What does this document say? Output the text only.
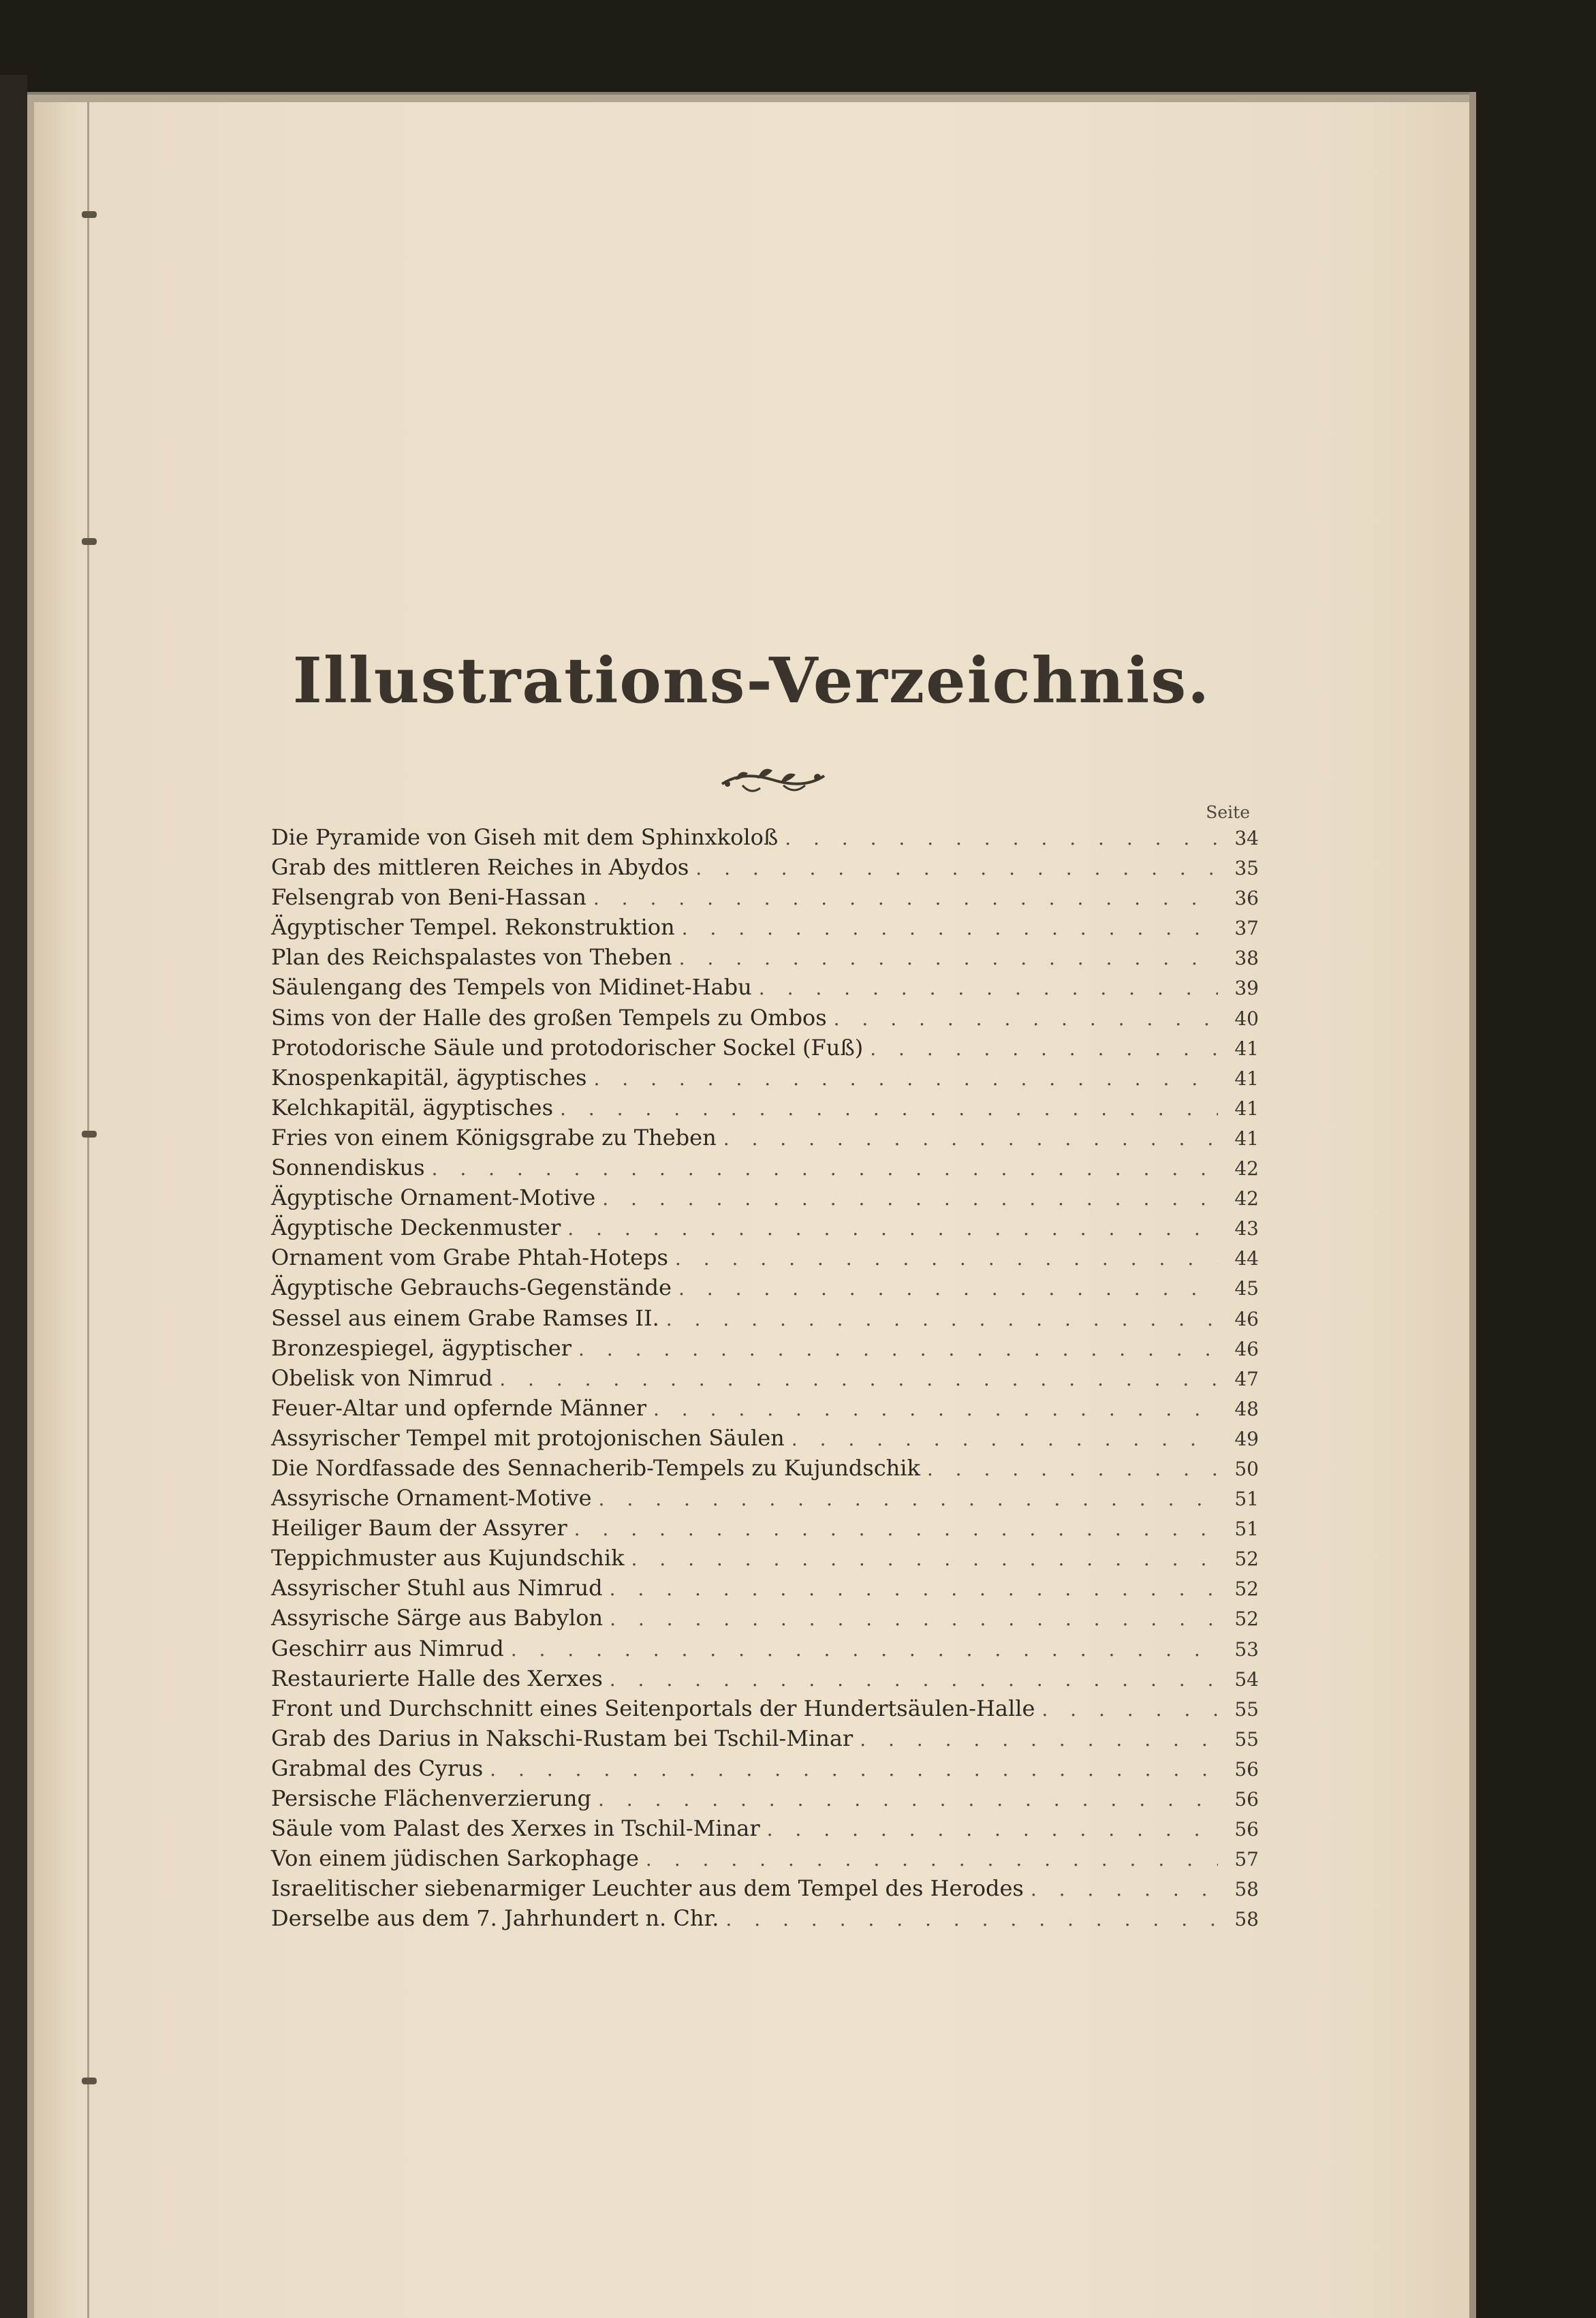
Illustrations-Verzeichnis.
Seite
Die Pyramide von Giseh mit dem Sphinxkoloß . . .	34
Grab des mittleren Reiches in Abydos . . .	35
Felsengrab von Beni-Hassan . . .	36
Ägyptischer Tempel. Rekonstruktion . . .	37
Plan des Reichspalastes von Theben . . .	38
Säulengang des Tempels von Midinet-Habu . . .	39
Sims von der Halle des großen Tempels zu Ombos . . .	40
Protodorische Säule und protodorischer Sockel (Fuß) . . .	41
Knospenkapitäl, ägyptisches . . .	41
Kelchkapitäl, ägyptisches . . .	41
Fries von einem Königsgrabe zu Theben . . .	41
Sonnendiskus . . .	42
Ägyptische Ornament-Motive . . .	42
Ägyptische Deckenmuster . . .	43
Ornament vom Grabe Phtah-Hoteps . . .	44
Ägyptische Gebrauchs-Gegenstände . . .	45
Sessel aus einem Grabe Ramses II. . . .	46
Bronzespiegel, ägyptischer . . .	46
Obelisk von Nimrud . . .	47
Feuer-Altar und opfernde Männer . . .	48
Assyrischer Tempel mit protojonischen Säulen . . .	49
Die Nordfassade des Sennacherib-Tempels zu Kujundschik . . .	50
Assyrische Ornament-Motive . . .	51
Heiliger Baum der Assyrer . . .	51
Teppichmuster aus Kujundschik . . .	52
Assyrischer Stuhl aus Nimrud . . .	52
Assyrische Särge aus Babylon . . .	52
Geschirr aus Nimrud . . .	53
Restaurierte Halle des Xerxes . . .	54
Front und Durchschnitt eines Seitenportals der Hundertsäulen-Halle . . .	55
Grab des Darius in Nakschi-Rustam bei Tschil-Minar . . .	55
Grabmal des Cyrus . . .	56
Persische Flächenverzierung . . .	56
Säule vom Palast des Xerxes in Tschil-Minar . . .	56
Von einem jüdischen Sarkophage . . .	57
Israelitischer siebenarmiger Leuchter aus dem Tempel des Herodes . . .	58
Derselbe aus dem 7. Jahrhundert n. Chr. . . .	58
